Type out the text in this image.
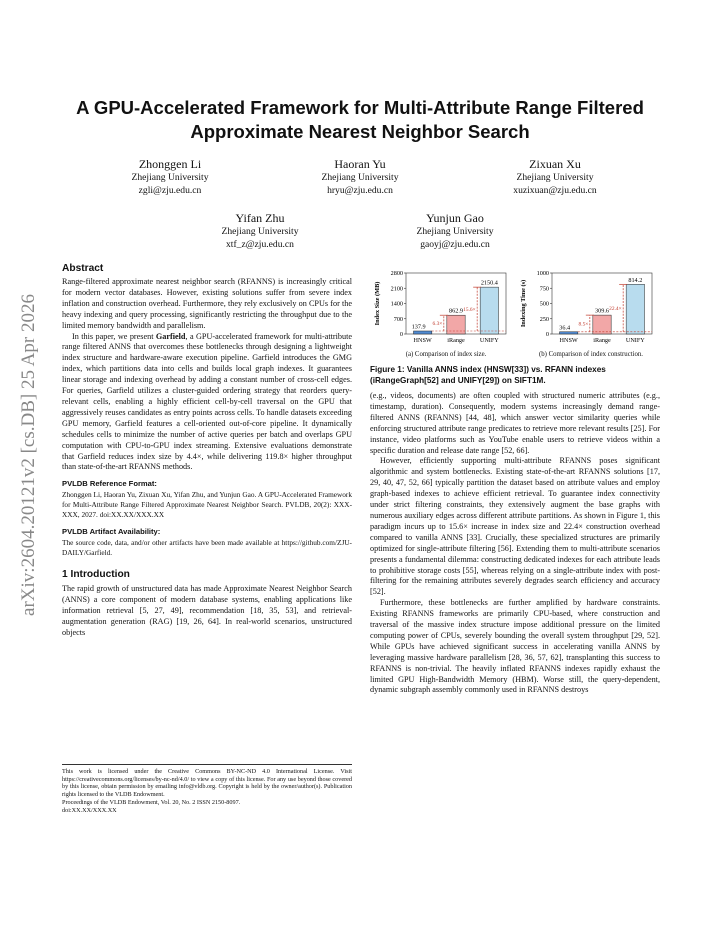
arXiv:2604.20121v2 [cs.DB] 25 Apr 2026
A GPU-Accelerated Framework for Multi-Attribute Range Filtered Approximate Nearest Neighbor Search
Zhonggen Li
Zhejiang University
zgli@zju.edu.cn
Haoran Yu
Zhejiang University
hryu@zju.edu.cn
Zixuan Xu
Zhejiang University
xuzixuan@zju.edu.cn
Yifan Zhu
Zhejiang University
xtf_z@zju.edu.cn
Yunjun Gao
Zhejiang University
gaoyj@zju.edu.cn
Abstract

Range-filtered approximate nearest neighbor search (RFANNS) is increasingly critical for modern vector databases. However, existing solutions suffer from severe index inflation and construction overhead. Furthermore, they rely exclusively on CPUs for the heavy indexing and query processing, significantly restricting the throughput due to the limited memory bandwidth and parallelism.

In this paper, we present Garfield, a GPU-accelerated framework for multi-attribute range filtered ANNS that overcomes these bottlenecks through designing a lightweight index structure and hardware-aware execution pipeline. Garfield introduces the GMG index, which partitions data into cells and builds local graph indexes. It guarantees linear storage and indexing overhead by adding a constant number of cross-cell edges. For queries, Garfield utilizes a cluster-guided ordering strategy that reorders query-relevant cells, enabling a highly efficient cell-by-cell traversal on the GPU that aggressively reuses candidates as entry points across cells. To handle datasets exceeding GPU memory, Garfield features a cell-oriented out-of-core pipeline. It dynamically schedules cells to minimize the number of active queries per batch and overlaps GPU computation with CPU-to-GPU index streaming. Extensive evaluations demonstrate that Garfield reduces index size by 4.4×, while delivering 119.8× higher throughput than state-of-the-art RFANNS methods.

PVLDB Reference Format:
Zhonggen Li, Haoran Yu, Zixuan Xu, Yifan Zhu, and Yunjun Gao. A GPU-Accelerated Framework for Multi-Attribute Range Filtered Approximate Nearest Neighbor Search. PVLDB, 20(2): XXX-XXX, 2027. doi:XX.XX/XXX.XX
PVLDB Artifact Availability:
The source code, data, and/or other artifacts have been made available at https://github.com/ZJU-DAILY/Garfield.
1 Introduction
The rapid growth of unstructured data has made Approximate Nearest Neighbor Search (ANNS) a core component of modern database systems, enabling applications like information retrieval [5, 27, 49], recommendation [18, 35, 53], and retrieval-augmentation generation (RAG) [19, 26, 64]. In real-world scenarios, unstructured objects
This work is licensed under the Creative Commons BY-NC-ND 4.0 International License. Visit https://creativecommons.org/licenses/by-nc-nd/4.0/ to view a copy of this license. For any use beyond those covered by this license, obtain permission by emailing info@vldb.org. Copyright is held by the owner/author(s). Publication rights licensed to the VLDB Endowment.
Proceedings of the VLDB Endowment, Vol. 20, No. 2 ISSN 2150-8097.
doi:XX.XX/XXX.XX
Index Size (MB)
0
700
1400
2100
2800
137.9
HNSW
862.9
iRange
2150.4
UNIFY
6.3×
15.6×	Indexing Time (s)
0
250
500
750
1000
36.4
HNSW
309.6
iRange
814.2
UNIFY
8.5×
22.4×
(a) Comparison of index size.	(b) Comparison of index construction.
Figure 1: Vanilla ANNS index (HNSW[33]) vs. RFANN indexes (iRangeGraph[52] and UNIFY[29]) on SIFT1M.

(e.g., videos, documents) are often coupled with structured numeric attributes (e.g., timestamp, duration). Consequently, modern systems increasingly demand range-filtered ANNS (RFANNS) [44, 48], which answer vector similarity queries while enforcing structured attribute range predicates to retrieve more relevant results [25]. For instance, video platforms such as YouTube enable users to retrieve videos within a specific duration and release date range [52, 66].

However, efficiently supporting multi-attribute RFANNS poses significant algorithmic and system bottlenecks. Existing state-of-the-art RFANNS solutions [17, 29, 40, 47, 52, 66] typically partition the dataset based on attribute values and employ graph-based indexes to achieve efficient retrieval. To guarantee index connectivity under strict filtering constraints, they extensively augment the base graphs with numerous auxiliary edges across different attribute partitions. As shown in Figure 1, this paradigm incurs up to 15.6× increase in index size and 22.4× construction overhead compared to vanilla ANNS [33]. Crucially, these specialized structures are primarily optimized for single-attribute filtering [56]. Extending them to multi-attribute scenarios presents a fundamental dilemma: constructing dedicated indexes for each attribute leads to prohibitive storage costs [55], whereas relying on a single-attribute index with post-filtering for the remaining attributes severely degrades search efficiency and accuracy [52].

Furthermore, these bottlenecks are further amplified by hardware constraints. Existing RFANNS frameworks are primarily CPU-based, where construction and traversal of the massive index structure impose additional pressure on the limited computing power of CPUs, severely bounding the overall system throughput [29, 52]. While GPUs have achieved significant success in accelerating vanilla ANNS by leveraging massive hardware parallelism [28, 36, 57, 62], transplanting this success to RFANNS is non-trivial. The heavily inflated RFANNS indexes rapidly exhaust the limited GPU High-Bandwidth Memory (HBM). Worse still, the query-dependent, dynamic subgraph assembly commonly used in RFANNS destroys
